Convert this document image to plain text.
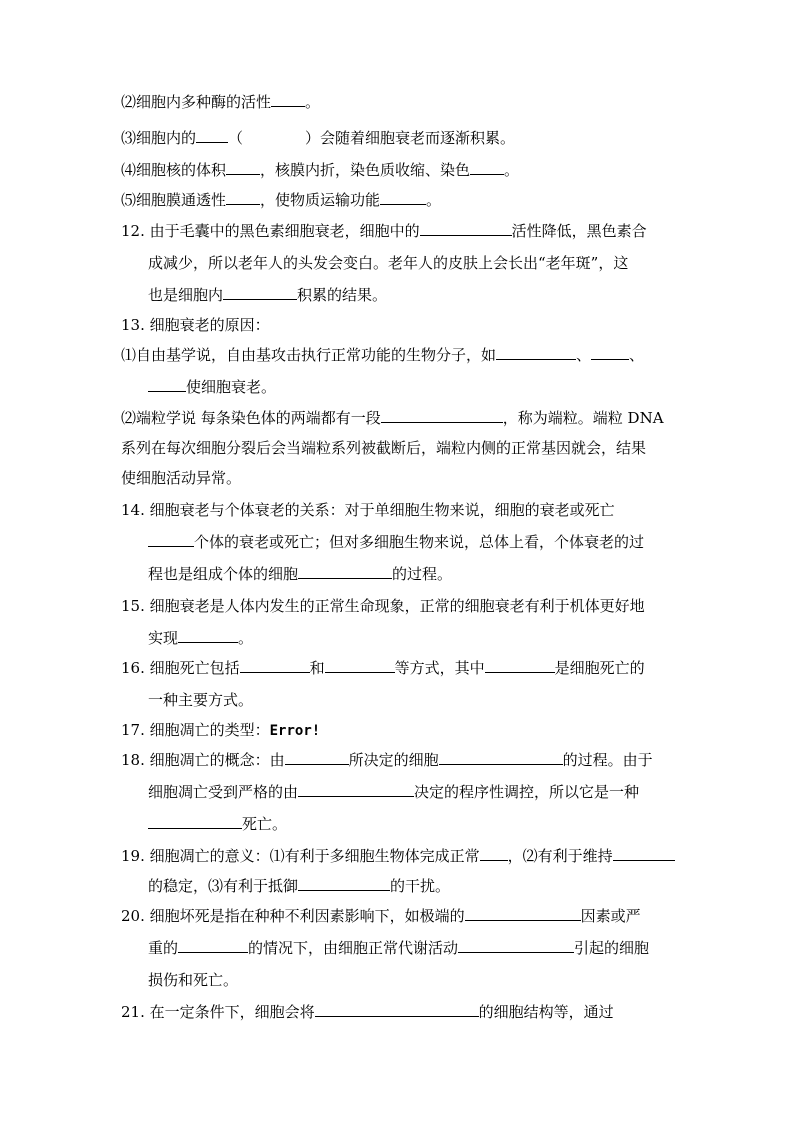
⑵细胞内多种酶的活性 。
⑶细胞内的 （	）会随着细胞衰老而逐渐积累。
⑷细胞核的体积 ，核膜内折，染色质收缩、染色 。
⑸细胞膜通透性 ，使物质运输功能	。
12. 由于毛囊中的黑色素细胞衰老，细胞中的	活性降低，黑色素合
成减少，所以老年人的头发会变白。老年人的皮肤上会长出“老年斑”，这
也是细胞内	积累的结果。
13. 细胞衰老的原因：
⑴自由基学说，自由基攻击执行正常功能的生物分子，如	、	、
使细胞衰老。
⑵端粒学说 每条染色体的两端都有一段	，称为端粒。端粒 DNA
系列在每次细胞分裂后会当端粒系列被截断后，端粒内侧的正常基因就会，结果
使细胞活动异常。
14. 细胞衰老与个体衰老的关系：对于单细胞生物来说，细胞的衰老或死亡
个体的衰老或死亡；但对多细胞生物来说，总体上看，个体衰老的过
程也是组成个体的细胞	的过程。
15. 细胞衰老是人体内发生的正常生命现象，正常的细胞衰老有利于机体更好地
实现	。
16. 细胞死亡包括	和	等方式，其中	是细胞死亡的
一种主要方式。
17. 细胞凋亡的类型：Error!
18. 细胞凋亡的概念：由	所决定的细胞	的过程。由于
细胞凋亡受到严格的由	决定的程序性调控，所以它是一种
死亡。
19. 细胞凋亡的意义：⑴有利于多细胞生物体完成正常 ，⑵有利于维持
的稳定，⑶有利于抵御	的干扰。
20. 细胞坏死是指在种种不利因素影响下，如极端的	因素或严
重的	的情况下，由细胞正常代谢活动	引起的细胞
损伤和死亡。
21. 在一定条件下，细胞会将	的细胞结构等，通过
